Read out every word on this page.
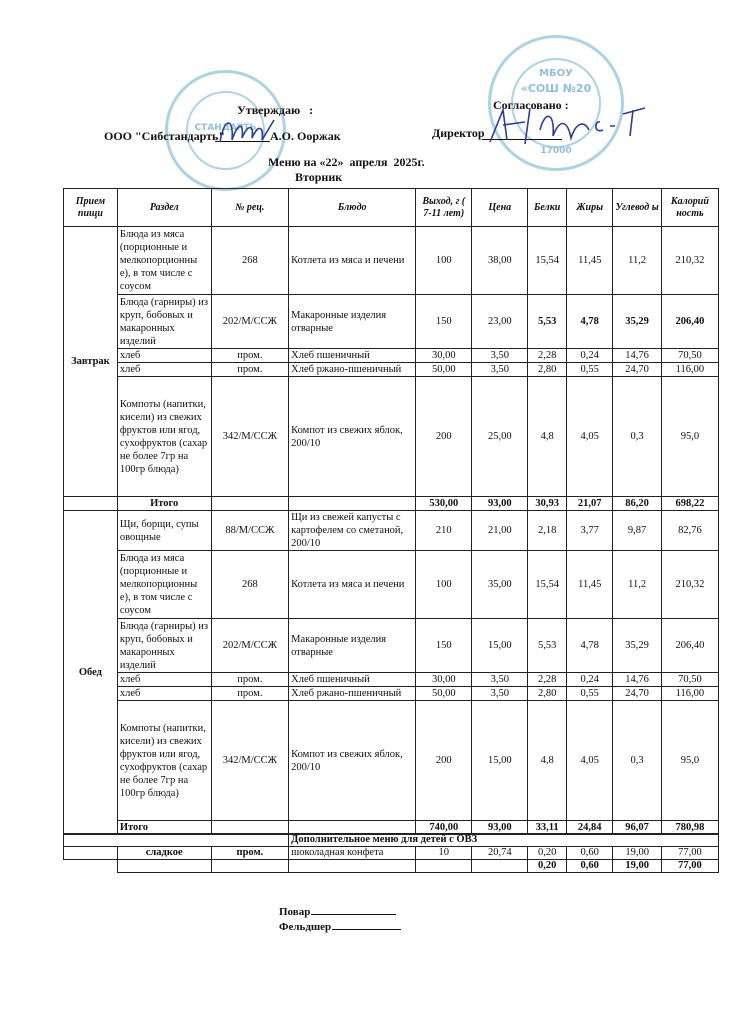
СТАНДАРТЬ
МБОУ
«СОШ №20
17000
Утверждаю   :
ООО "Сибстандарть"	А.О. Ооржак
Согласовано :
Директор
Меню на «22»  апреля  2025г.
Вторник
Прием пищи	Раздел	№ рец.	Блюдо	Выход, г ( 7-11 лет)	Цена	Белки	Жиры	Углевод ы	Калорий ность
Завтрак	Блюда из мяса (порционные и мелкопорционны е), в том числе с соусом	268	Котлета из мяса и печени	100	38,00	15,54	11,45	11,2	210,32
	Блюда (гарниры) из круп, бобовых и макаронных изделий	202/М/ССЖ	Макаронные изделия отварные	150	23,00	5,53	4,78	35,29	206,40
	хлеб	пром.	Хлеб пшеничный	30,00	3,50	2,28	0,24	14,76	70,50
	хлеб	пром.	Хлеб ржано-пшеничный	50,00	3,50	2,80	0,55	24,70	116,00
	Компоты (напитки, кисели) из свежих фруктов или ягод, сухофруктов (сахар не более 7гр на 100гр блюда)	342/М/ССЖ	Компот из свежих яблок, 200/10	200	25,00	4,8	4,05	0,3	95,0
	Итого			530,00	93,00	30,93	21,07	86,20	698,22
Обед	Щи, борщи, супы овощные	88/М/ССЖ	Щи из свежей капусты с картофелем со сметаной, 200/10	210	21,00	2,18	3,77	9,87	82,76
	Блюда из мяса (порционные и мелкопорционны е), в том числе с соусом	268	Котлета из мяса и печени	100	35,00	15,54	11,45	11,2	210,32
	Блюда (гарниры) из круп, бобовых и макаронных изделий	202/М/ССЖ	Макаронные изделия отварные	150	15,00	5,53	4,78	35,29	206,40
	хлеб	пром.	Хлеб пшеничный	30,00	3,50	2,28	0,24	14,76	70,50
	хлеб	пром.	Хлеб ржано-пшеничный	50,00	3,50	2,80	0,55	24,70	116,00
	Компоты (напитки, кисели) из свежих фруктов или ягод, сухофруктов (сахар не более 7гр на 100гр блюда)	342/М/ССЖ	Компот из свежих яблок, 200/10	200	15,00	4,8	4,05	0,3	95,0
	Итого			740,00	93,00	33,11	24,84	96,07	780,98
			Дополнительное меню для детей с ОВЗ						
	сладкое	пром.	шоколадная конфета	10	20,74	0,20	0,60	19,00	77,00
						0,20	0,60	19,00	77,00
Повар
Фельдшер
